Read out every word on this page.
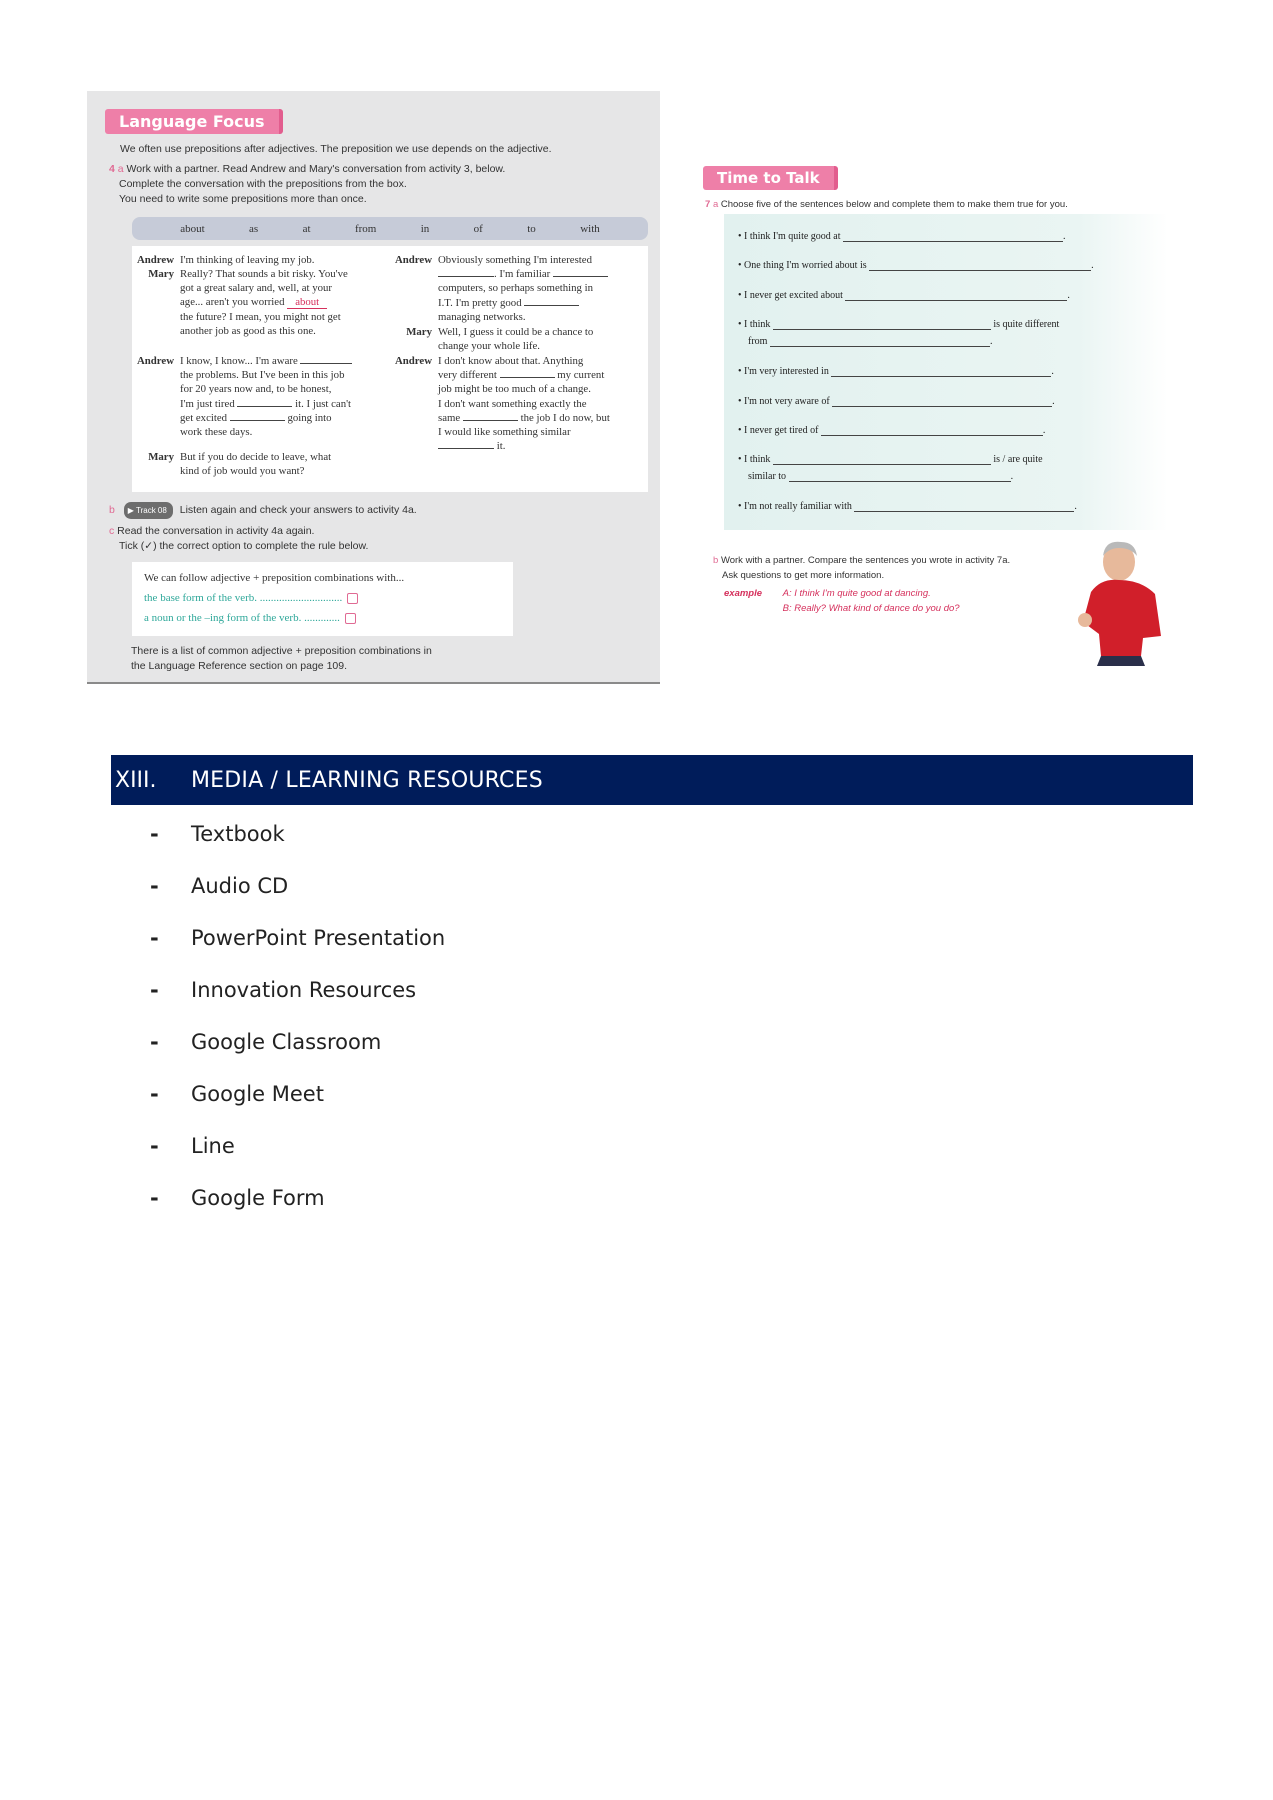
Language Focus
We often use prepositions after adjectives. The preposition we use depends on the adjective.
4 a Work with a partner. Read Andrew and Mary's conversation from activity 3, below.
Complete the conversation with the prepositions from the box.
You need to write some prepositions more than once.
about	as	at	from	in	of	to	with
Andrew I'm thinking of leaving my job.
Mary Really? That sounds a bit risky. You've
got a great salary and, well, at your
age... aren't you worried about
the future? I mean, you might not get
another job as good as this one.
Andrew I know, I know... I'm aware
the problems. But I've been in this job
for 20 years now and, to be honest,
I'm just tired	it. I just can't
get excited	going into
work these days.
Mary But if you do decide to leave, what
kind of job would you want?
Andrew Obviously something I'm interested
. I'm familiar
computers, so perhaps something in
I.T. I'm pretty good
managing networks.
Mary Well, I guess it could be a chance to
change your whole life.
Andrew I don't know about that. Anything
very different	my current
job might be too much of a change.
I don't want something exactly the
same	the job I do now, but
I would like something similar
it.
b ▶ Track 08 Listen again and check your answers to activity 4a.
c Read the conversation in activity 4a again.
Tick (✓) the correct option to complete the rule below.
We can follow adjective + preposition combinations with...
the base form of the verb. ..............................
a noun or the –ing form of the verb. .............
There is a list of common adjective + preposition combinations in
the Language Reference section on page 109.
Time to Talk
7 a Choose five of the sentences below and complete them to make them true for you.
• I think I'm quite good at	.
• One thing I'm worried about is	.
• I never get excited about	.
• I think	is quite different
from	.
• I'm very interested in	.
• I'm not very aware of	.
• I never get tired of	.
• I think	is / are quite
similar to	.
• I'm not really familiar with	.
b Work with a partner. Compare the sentences you wrote in activity 7a.
Ask questions to get more information.
example A: I think I'm quite good at dancing.
B: Really? What kind of dance do you do?
XIII. MEDIA / LEARNING RESOURCES
-	Textbook
-	Audio CD
-	PowerPoint Presentation
-	Innovation Resources
-	Google Classroom
-	Google Meet
-	Line
-	Google Form
